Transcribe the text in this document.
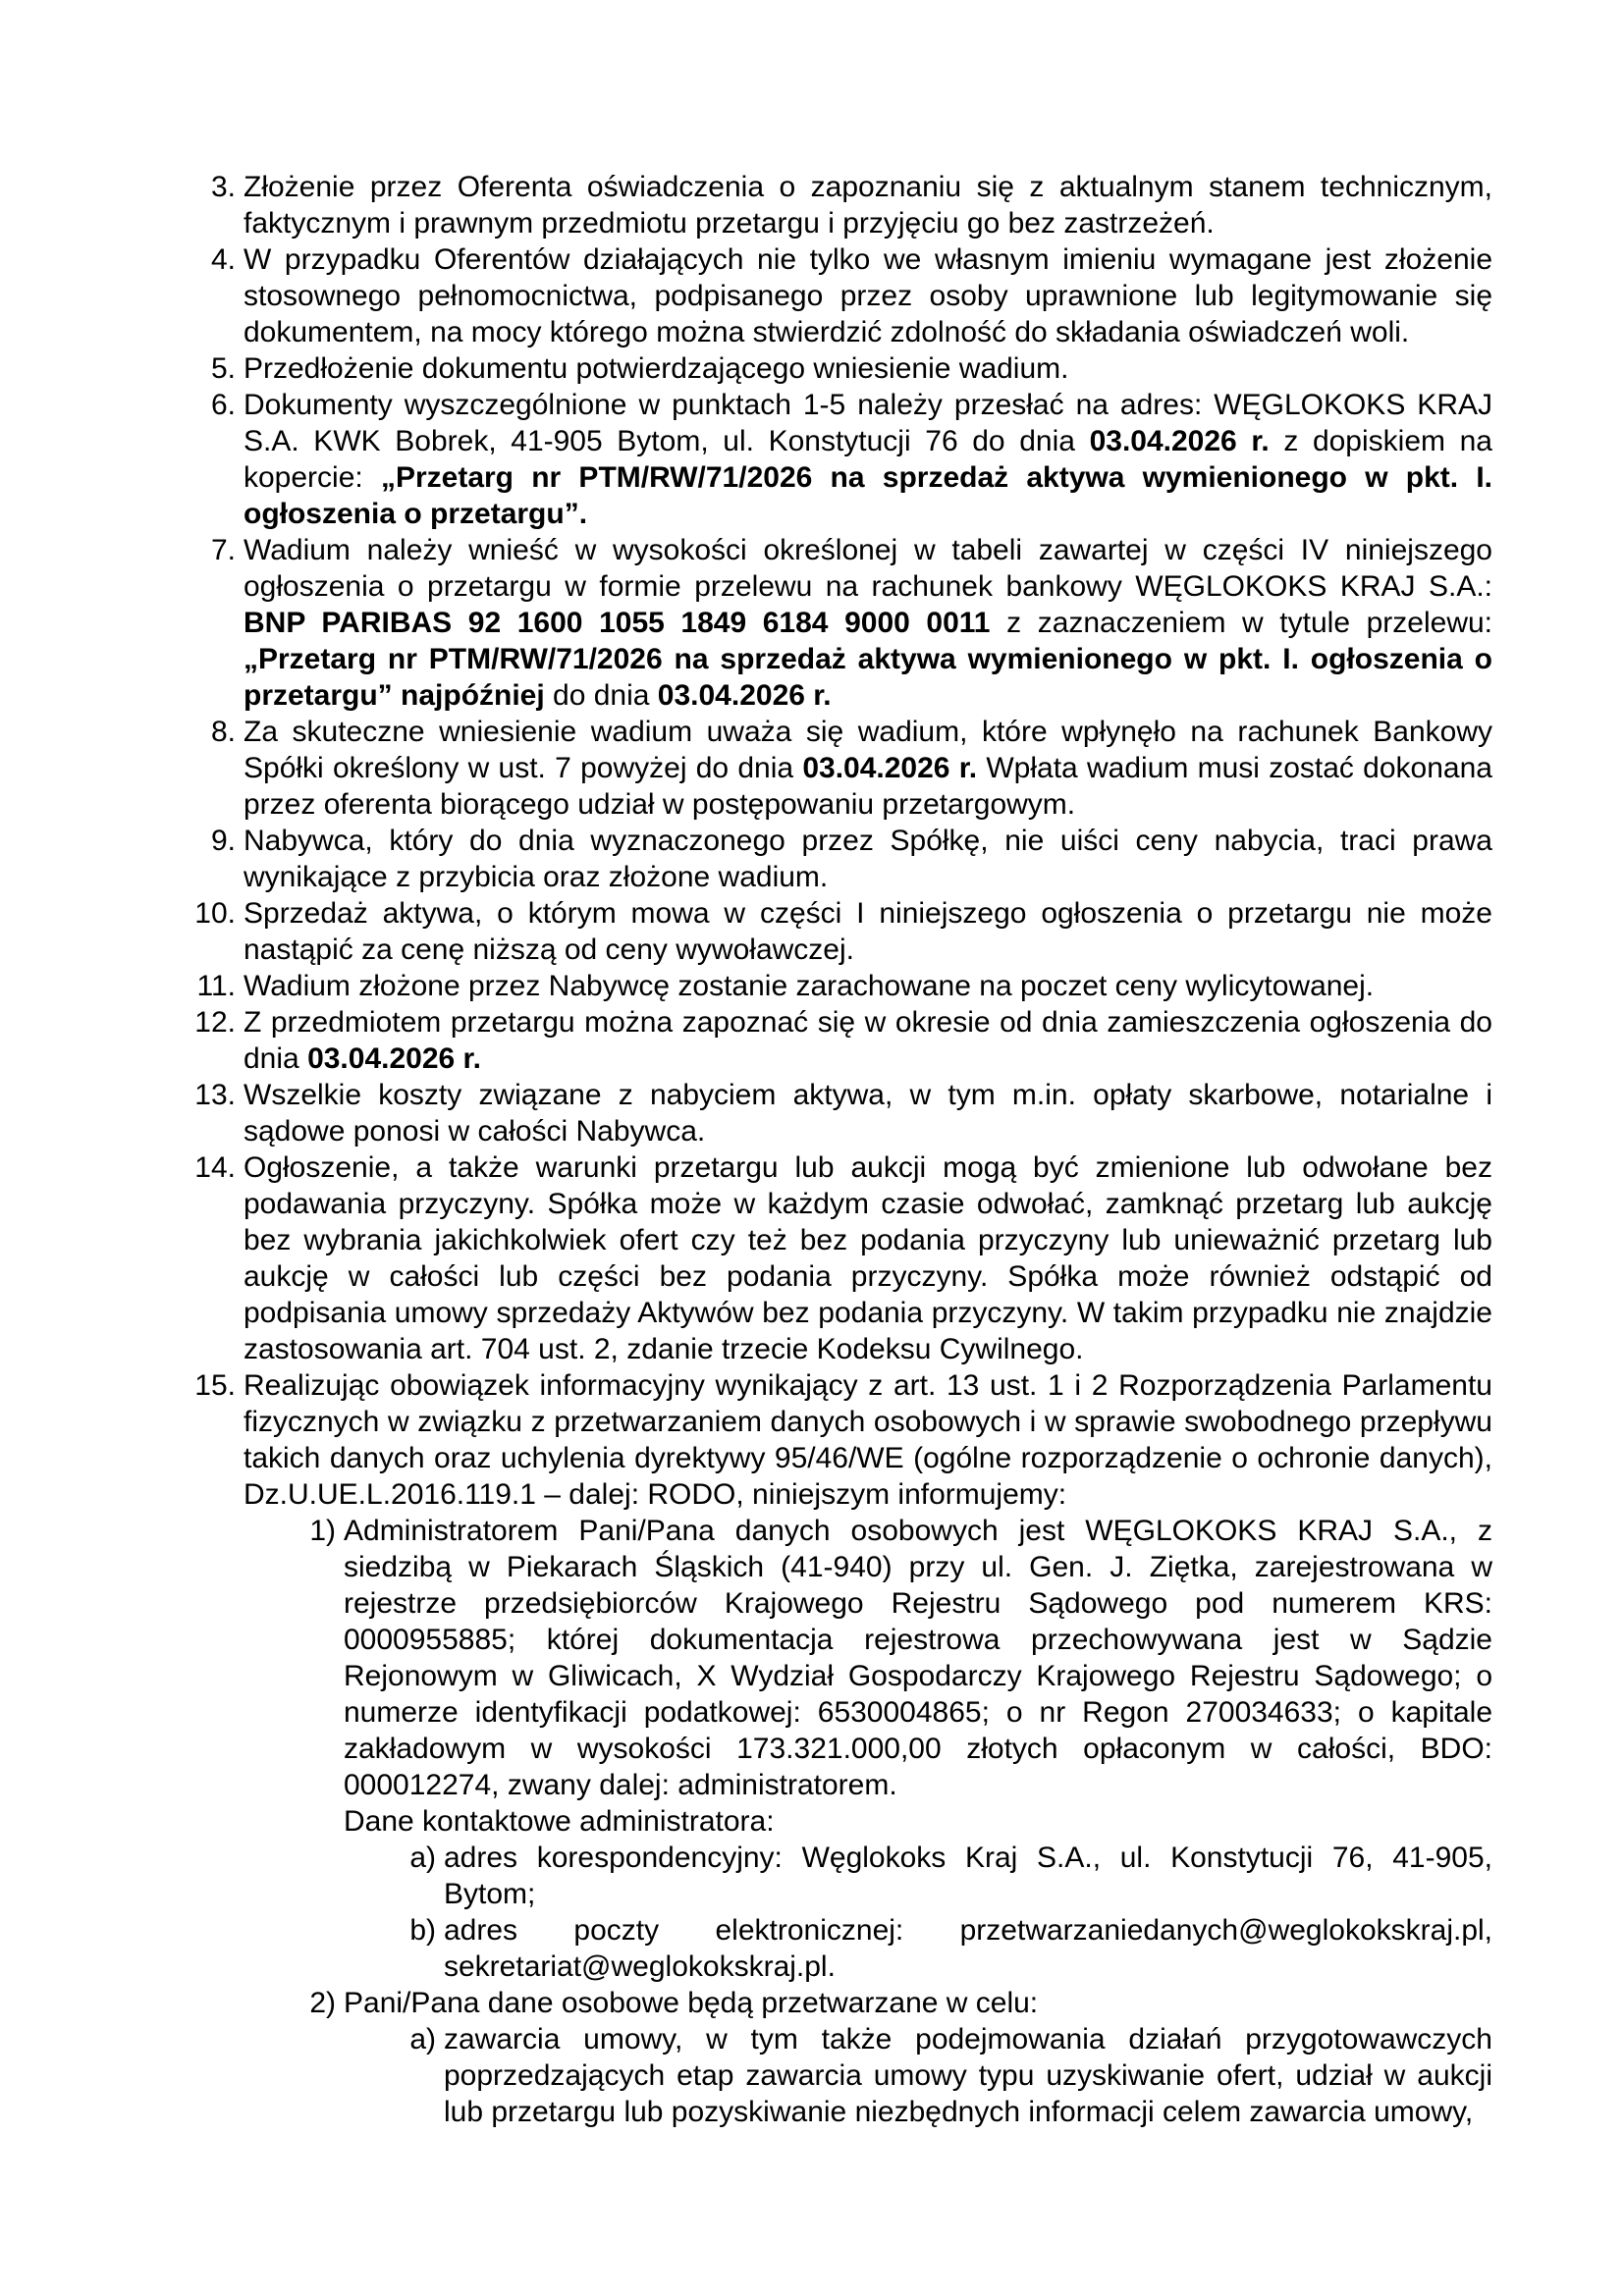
3. Złożenie przez Oferenta oświadczenia o zapoznaniu się z aktualnym stanem technicznym, faktycznym i prawnym przedmiotu przetargu i przyjęciu go bez zastrzeżeń.

4. W przypadku Oferentów działających nie tylko we własnym imieniu wymagane jest złożenie stosownego pełnomocnictwa, podpisanego przez osoby uprawnione lub legitymowanie się dokumentem, na mocy którego można stwierdzić zdolność do składania oświadczeń woli.

5. Przedłożenie dokumentu potwierdzającego wniesienie wadium.

6. Dokumenty wyszczególnione w punktach 1-5 należy przesłać na adres: WĘGLOKOKS KRAJ S.A. KWK Bobrek, 41-905 Bytom, ul. Konstytucji 76 do dnia 03.04.2026 r. z dopiskiem na kopercie: „Przetarg nr PTM/RW/71/2026 na sprzedaż aktywa wymienionego w pkt. I. ogłoszenia o przetargu”.

7. Wadium należy wnieść w wysokości określonej w tabeli zawartej w części IV niniejszego ogłoszenia o przetargu w formie przelewu na rachunek bankowy WĘGLOKOKS KRAJ S.A.: BNP PARIBAS 92 1600 1055 1849 6184 9000 0011 z zaznaczeniem w tytule przelewu: „Przetarg nr PTM/RW/71/2026 na sprzedaż aktywa wymienionego w pkt. I. ogłoszenia o przetargu” najpóźniej do dnia 03.04.2026 r.

8. Za skuteczne wniesienie wadium uważa się wadium, które wpłynęło na rachunek Bankowy Spółki określony w ust. 7 powyżej do dnia 03.04.2026 r. Wpłata wadium musi zostać dokonana przez oferenta biorącego udział w postępowaniu przetargowym.

9. Nabywca, który do dnia wyznaczonego przez Spółkę, nie uiści ceny nabycia, traci prawa wynikające z przybicia oraz złożone wadium.

10. Sprzedaż aktywa, o którym mowa w części I niniejszego ogłoszenia o przetargu nie może nastąpić za cenę niższą od ceny wywoławczej.

11. Wadium złożone przez Nabywcę zostanie zarachowane na poczet ceny wylicytowanej.

12. Z przedmiotem przetargu można zapoznać się w okresie od dnia zamieszczenia ogłoszenia do dnia 03.04.2026 r.

13. Wszelkie koszty związane z nabyciem aktywa, w tym m.in. opłaty skarbowe, notarialne i sądowe ponosi w całości Nabywca.

14. Ogłoszenie, a także warunki przetargu lub aukcji mogą być zmienione lub odwołane bez podawania przyczyny. Spółka może w każdym czasie odwołać, zamknąć przetarg lub aukcję bez wybrania jakichkolwiek ofert czy też bez podania przyczyny lub unieważnić przetarg lub aukcję w całości lub części bez podania przyczyny. Spółka może również odstąpić od podpisania umowy sprzedaży Aktywów bez podania przyczyny. W takim przypadku nie znajdzie zastosowania art. 704 ust. 2, zdanie trzecie Kodeksu Cywilnego.

15. Realizując obowiązek informacyjny wynikający z art. 13 ust. 1 i 2 Rozporządzenia Parlamentu fizycznych w związku z przetwarzaniem danych osobowych i w sprawie swobodnego przepływu takich danych oraz uchylenia dyrektywy 95/46/WE (ogólne rozporządzenie o ochronie danych), Dz.U.UE.L.2016.119.1 – dalej: RODO, niniejszym informujemy:

1) Administratorem Pani/Pana danych osobowych jest WĘGLOKOKS KRAJ S.A., z siedzibą w Piekarach Śląskich (41-940) przy ul. Gen. J. Ziętka, zarejestrowana w rejestrze przedsiębiorców Krajowego Rejestru Sądowego pod numerem KRS: 0000955885; której dokumentacja rejestrowa przechowywana jest w Sądzie Rejonowym w Gliwicach, X Wydział Gospodarczy Krajowego Rejestru Sądowego; o numerze identyfikacji podatkowej: 6530004865; o nr Regon 270034633; o kapitale zakładowym w wysokości 173.321.000,00 złotych opłaconym w całości, BDO: 000012274, zwany dalej: administratorem.

Dane kontaktowe administratora:

a) adres korespondencyjny: Węglokoks Kraj S.A., ul. Konstytucji 76, 41-905, Bytom;

b) adres poczty elektronicznej: przetwarzaniedanych@weglokokskraj.pl, sekretariat@weglokokskraj.pl.

2) Pani/Pana dane osobowe będą przetwarzane w celu:

a) zawarcia umowy, w tym także podejmowania działań przygotowawczych poprzedzających etap zawarcia umowy typu uzyskiwanie ofert, udział w aukcji lub przetargu lub pozyskiwanie niezbędnych informacji celem zawarcia umowy,
